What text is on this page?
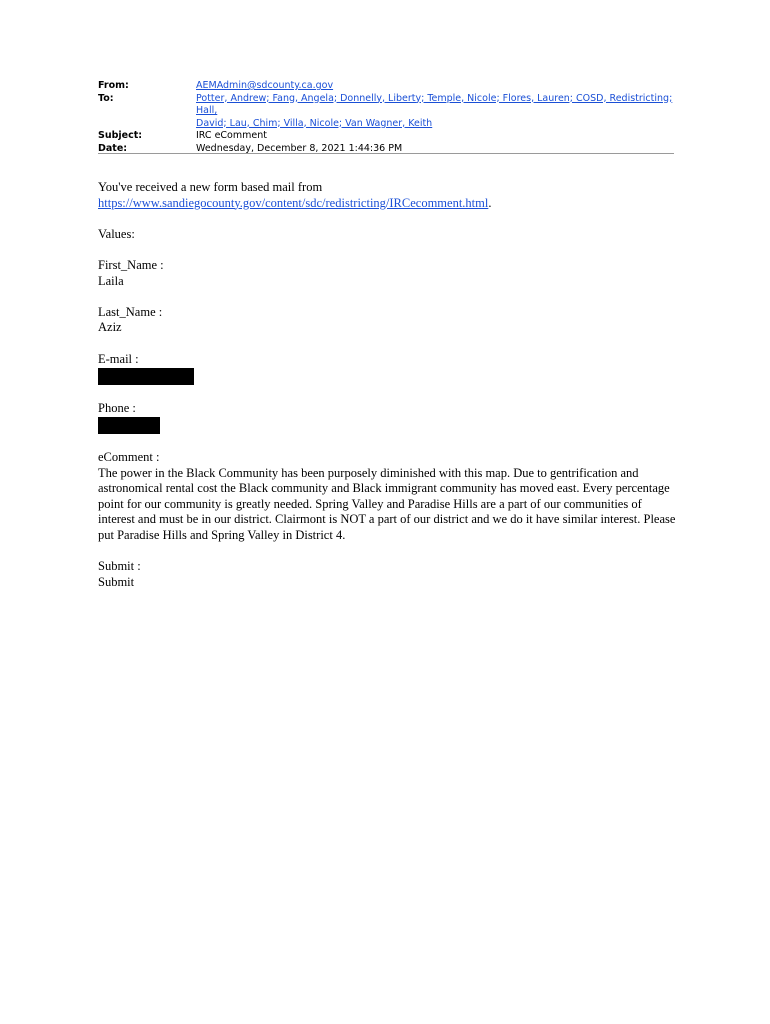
From:	AEMAdmin@sdcounty.ca.gov
To:	Potter, Andrew; Fang, Angela; Donnelly, Liberty; Temple, Nicole; Flores, Lauren; COSD, Redistricting; Hall,
David; Lau, Chim; Villa, Nicole; Van Wagner, Keith
Subject:	IRC eComment
Date:	Wednesday, December 8, 2021 1:44:36 PM
You've received a new form based mail from
https://www.sandiegocounty.gov/content/sdc/redistricting/IRCecomment.html.
Values:
First_Name :
Laila
Last_Name :
Aziz
E-mail :
Phone :
eComment :
The power in the Black Community has been purposely diminished with this map. Due to gentrification and
astronomical rental cost the Black community and Black immigrant community has moved east. Every percentage
point for our community is greatly needed. Spring Valley and Paradise Hills are a part of our communities of
interest and must be in our district. Clairmont is NOT a part of our district and we do it have similar interest. Please
put Paradise Hills and Spring Valley in District 4.
Submit :
Submit
